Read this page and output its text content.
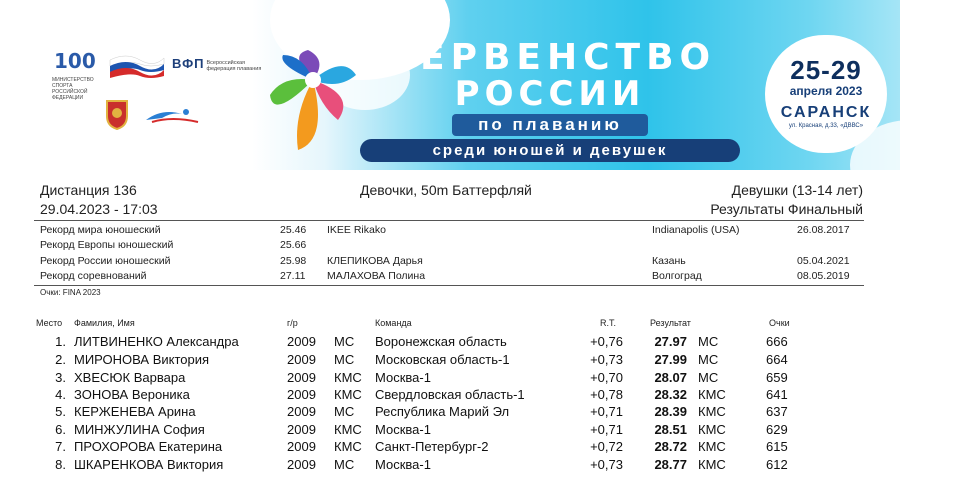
100
МИНИСТЕРСТВО СПОРТА РОССИЙСКОЙ ФЕДЕРАЦИИ
ВФП Всероссийская федерация плавания	ПЕРВЕНСТВО
РОССИИ
по плаванию
среди юношей и девушек
25-29
апреля 2023
САРАНСК
ул. Красная, д.33, «ДВВС»
Дистанция 136	Девочки, 50m Баттерфляй	Девушки (13-14 лет)
29.04.2023 - 17:03	Результаты Финальный
Рекорд мира юношеский	25.46 IKEE Rikako	Indianapolis (USA)	26.08.2017
Рекорд Европы юношеский	25.66
Рекорд России юношеский	25.98 КЛЕПИКОВА Дарья	Казань	05.04.2021
Рекорд соревнований	27.11 МАЛАХОВА Полина	Волгоград	08.05.2019
Очки: FINA 2023
Место Фамилия, Имя	г/р	Команда	R.T.	Результат	Очки
1. ЛИТВИНЕНКО Александра	2009 МС Воронежская область	+0,76 27.97 МС	666
2. МИРОНОВА Виктория	2009 МС Московская область-1	+0,73 27.99 МС	664
3. ХВЕСЮК Варвара	2009 КМС Москва-1	+0,70 28.07 МС	659
4. ЗОНОВА Вероника	2009 КМС Свердловская область-1	+0,78 28.32 КМС	641
5. КЕРЖЕНЕВА Арина	2009 МС Республика Марий Эл	+0,71 28.39 КМС	637
6. МИНЖУЛИНА София	2009 КМС Москва-1	+0,71 28.51 КМС	629
7. ПРОХОРОВА Екатерина	2009 КМС Санкт-Петербург-2	+0,72 28.72 КМС	615
8. ШКАРЕНКОВА Виктория	2009 МС Москва-1	+0,73 28.77 КМС	612
